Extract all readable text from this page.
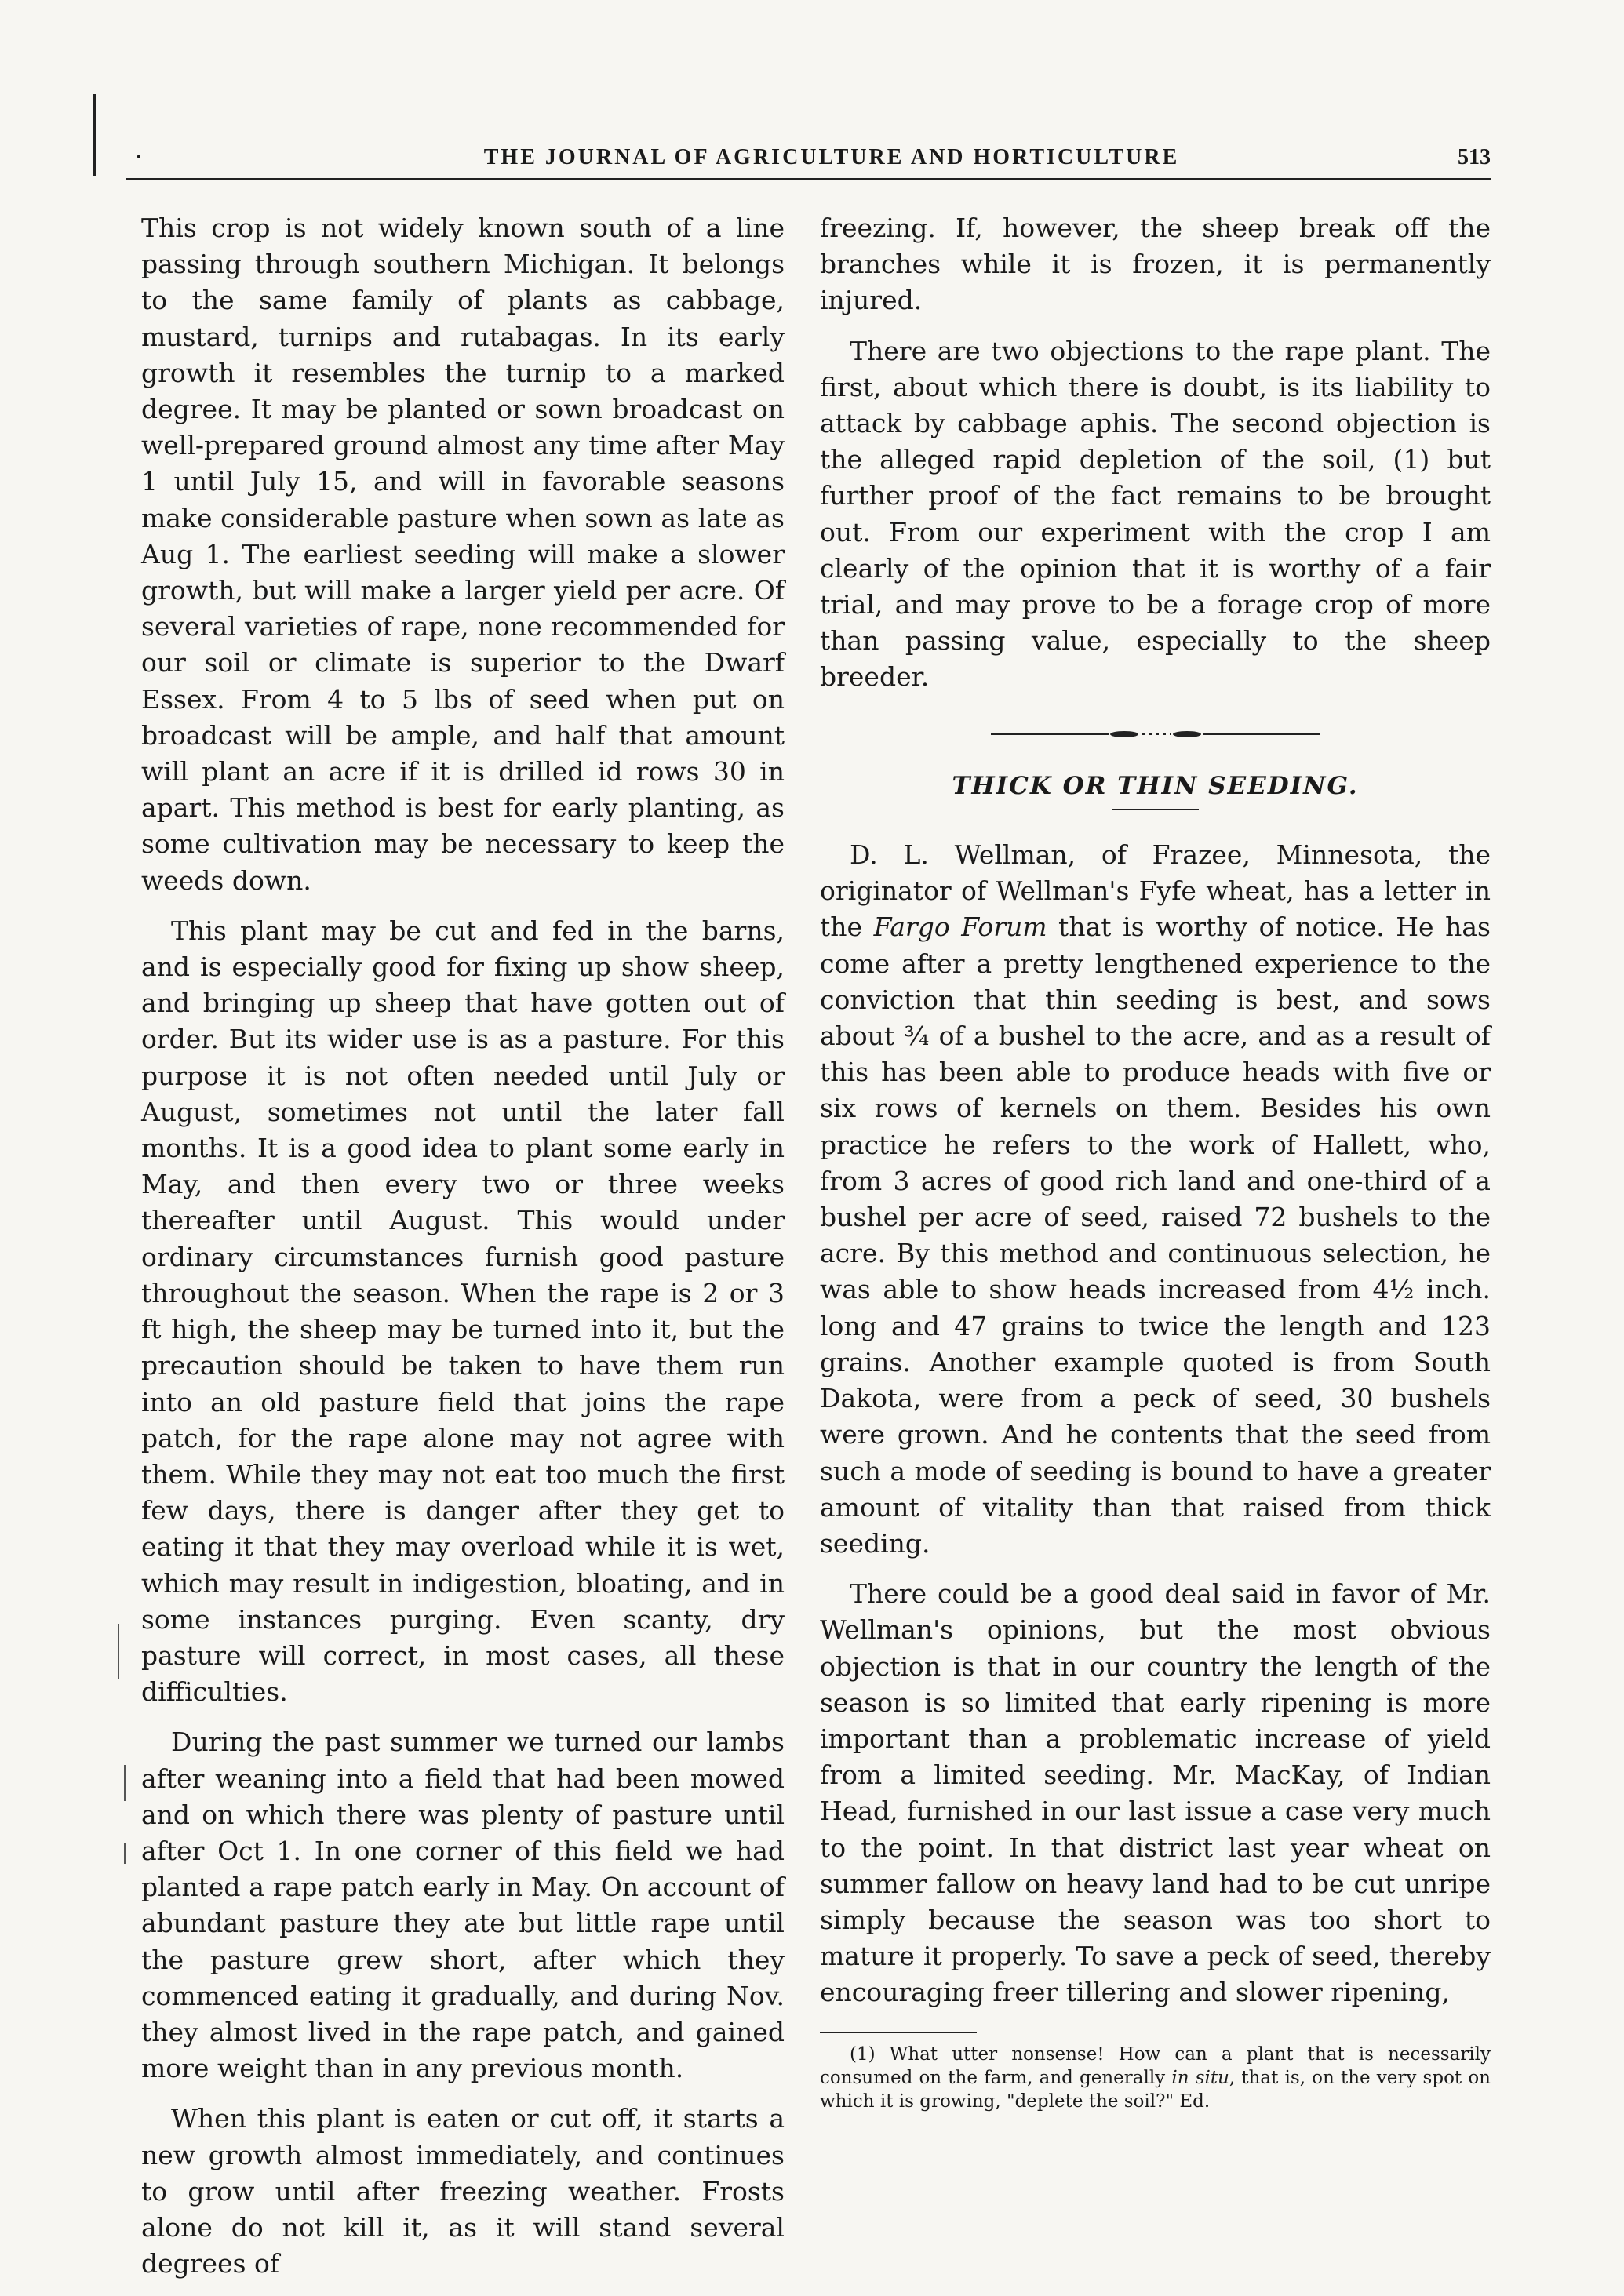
·	THE JOURNAL OF AGRICULTURE AND HORTICULTURE	513

This crop is not widely known south of a line passing through southern Michigan. It belongs to the same family of plants as cabbage, mustard, turnips and rutabagas. In its early growth it resembles the turnip to a marked degree. It may be planted or sown broadcast on well-prepared ground almost any time after May 1 until July 15, and will in favorable seasons make considerable pasture when sown as late as Aug 1. The earliest seeding will make a slower growth, but will make a larger yield per acre. Of several varieties of rape, none recommended for our soil or climate is superior to the Dwarf Essex. From 4 to 5 lbs of seed when put on broadcast will be ample, and half that amount will plant an acre if it is drilled id rows 30 in apart. This method is best for early planting, as some cultivation may be necessary to keep the weeds down.

This plant may be cut and fed in the barns, and is especially good for fixing up show sheep, and bringing up sheep that have gotten out of order. But its wider use is as a pasture. For this purpose it is not often needed until July or August, sometimes not until the later fall months. It is a good idea to plant some early in May, and then every two or three weeks thereafter until August. This would under ordinary circumstances furnish good pasture throughout the season. When the rape is 2 or 3 ft high, the sheep may be turned into it, but the precaution should be taken to have them run into an old pasture field that joins the rape patch, for the rape alone may not agree with them. While they may not eat too much the first few days, there is danger after they get to eating it that they may overload while it is wet, which may result in indigestion, bloating, and in some instances purging. Even scanty, dry pasture will correct, in most cases, all these difficulties.

During the past summer we turned our lambs after weaning into a field that had been mowed and on which there was plenty of pasture until after Oct 1. In one corner of this field we had planted a rape patch early in May. On account of abundant pasture they ate but little rape until the pasture grew short, after which they commenced eating it gradually, and during Nov. they almost lived in the rape patch, and gained more weight than in any previous month.

When this plant is eaten or cut off, it starts a new growth almost immediately, and continues to grow until after freezing weather. Frosts alone do not kill it, as it will stand several degrees of

freezing. If, however, the sheep break off the branches while it is frozen, it is permanently injured.

There are two objections to the rape plant. The first, about which there is doubt, is its liability to attack by cabbage aphis. The second objection is the alleged rapid depletion of the soil, (1) but further proof of the fact remains to be brought out. From our experiment with the crop I am clearly of the opinion that it is worthy of a fair trial, and may prove to be a forage crop of more than passing value, especially to the sheep breeder.

THICK OR THIN SEEDING.

D. L. Wellman, of Frazee, Minnesota, the originator of Wellman's Fyfe wheat, has a letter in the Fargo Forum that is worthy of notice. He has come after a pretty lengthened experience to the conviction that thin seeding is best, and sows about ¾ of a bushel to the acre, and as a result of this has been able to produce heads with five or six rows of kernels on them. Besides his own practice he refers to the work of Hallett, who, from 3 acres of good rich land and one-third of a bushel per acre of seed, raised 72 bushels to the acre. By this method and continuous selection, he was able to show heads increased from 4½ inch. long and 47 grains to twice the length and 123 grains. Another example quoted is from South Dakota, were from a peck of seed, 30 bushels were grown. And he contents that the seed from such a mode of seeding is bound to have a greater amount of vitality than that raised from thick seeding.

There could be a good deal said in favor of Mr. Wellman's opinions, but the most obvious objection is that in our country the length of the season is so limited that early ripening is more important than a problematic increase of yield from a limited seeding. Mr. MacKay, of Indian Head, furnished in our last issue a case very much to the point. In that district last year wheat on summer fallow on heavy land had to be cut unripe simply because the season was too short to mature it properly. To save a peck of seed, thereby encouraging freer tillering and slower ripening,

(1) What utter nonsense! How can a plant that is necessarily consumed on the farm, and generally in situ, that is, on the very spot on which it is growing, "deplete the soil?" Ed.
